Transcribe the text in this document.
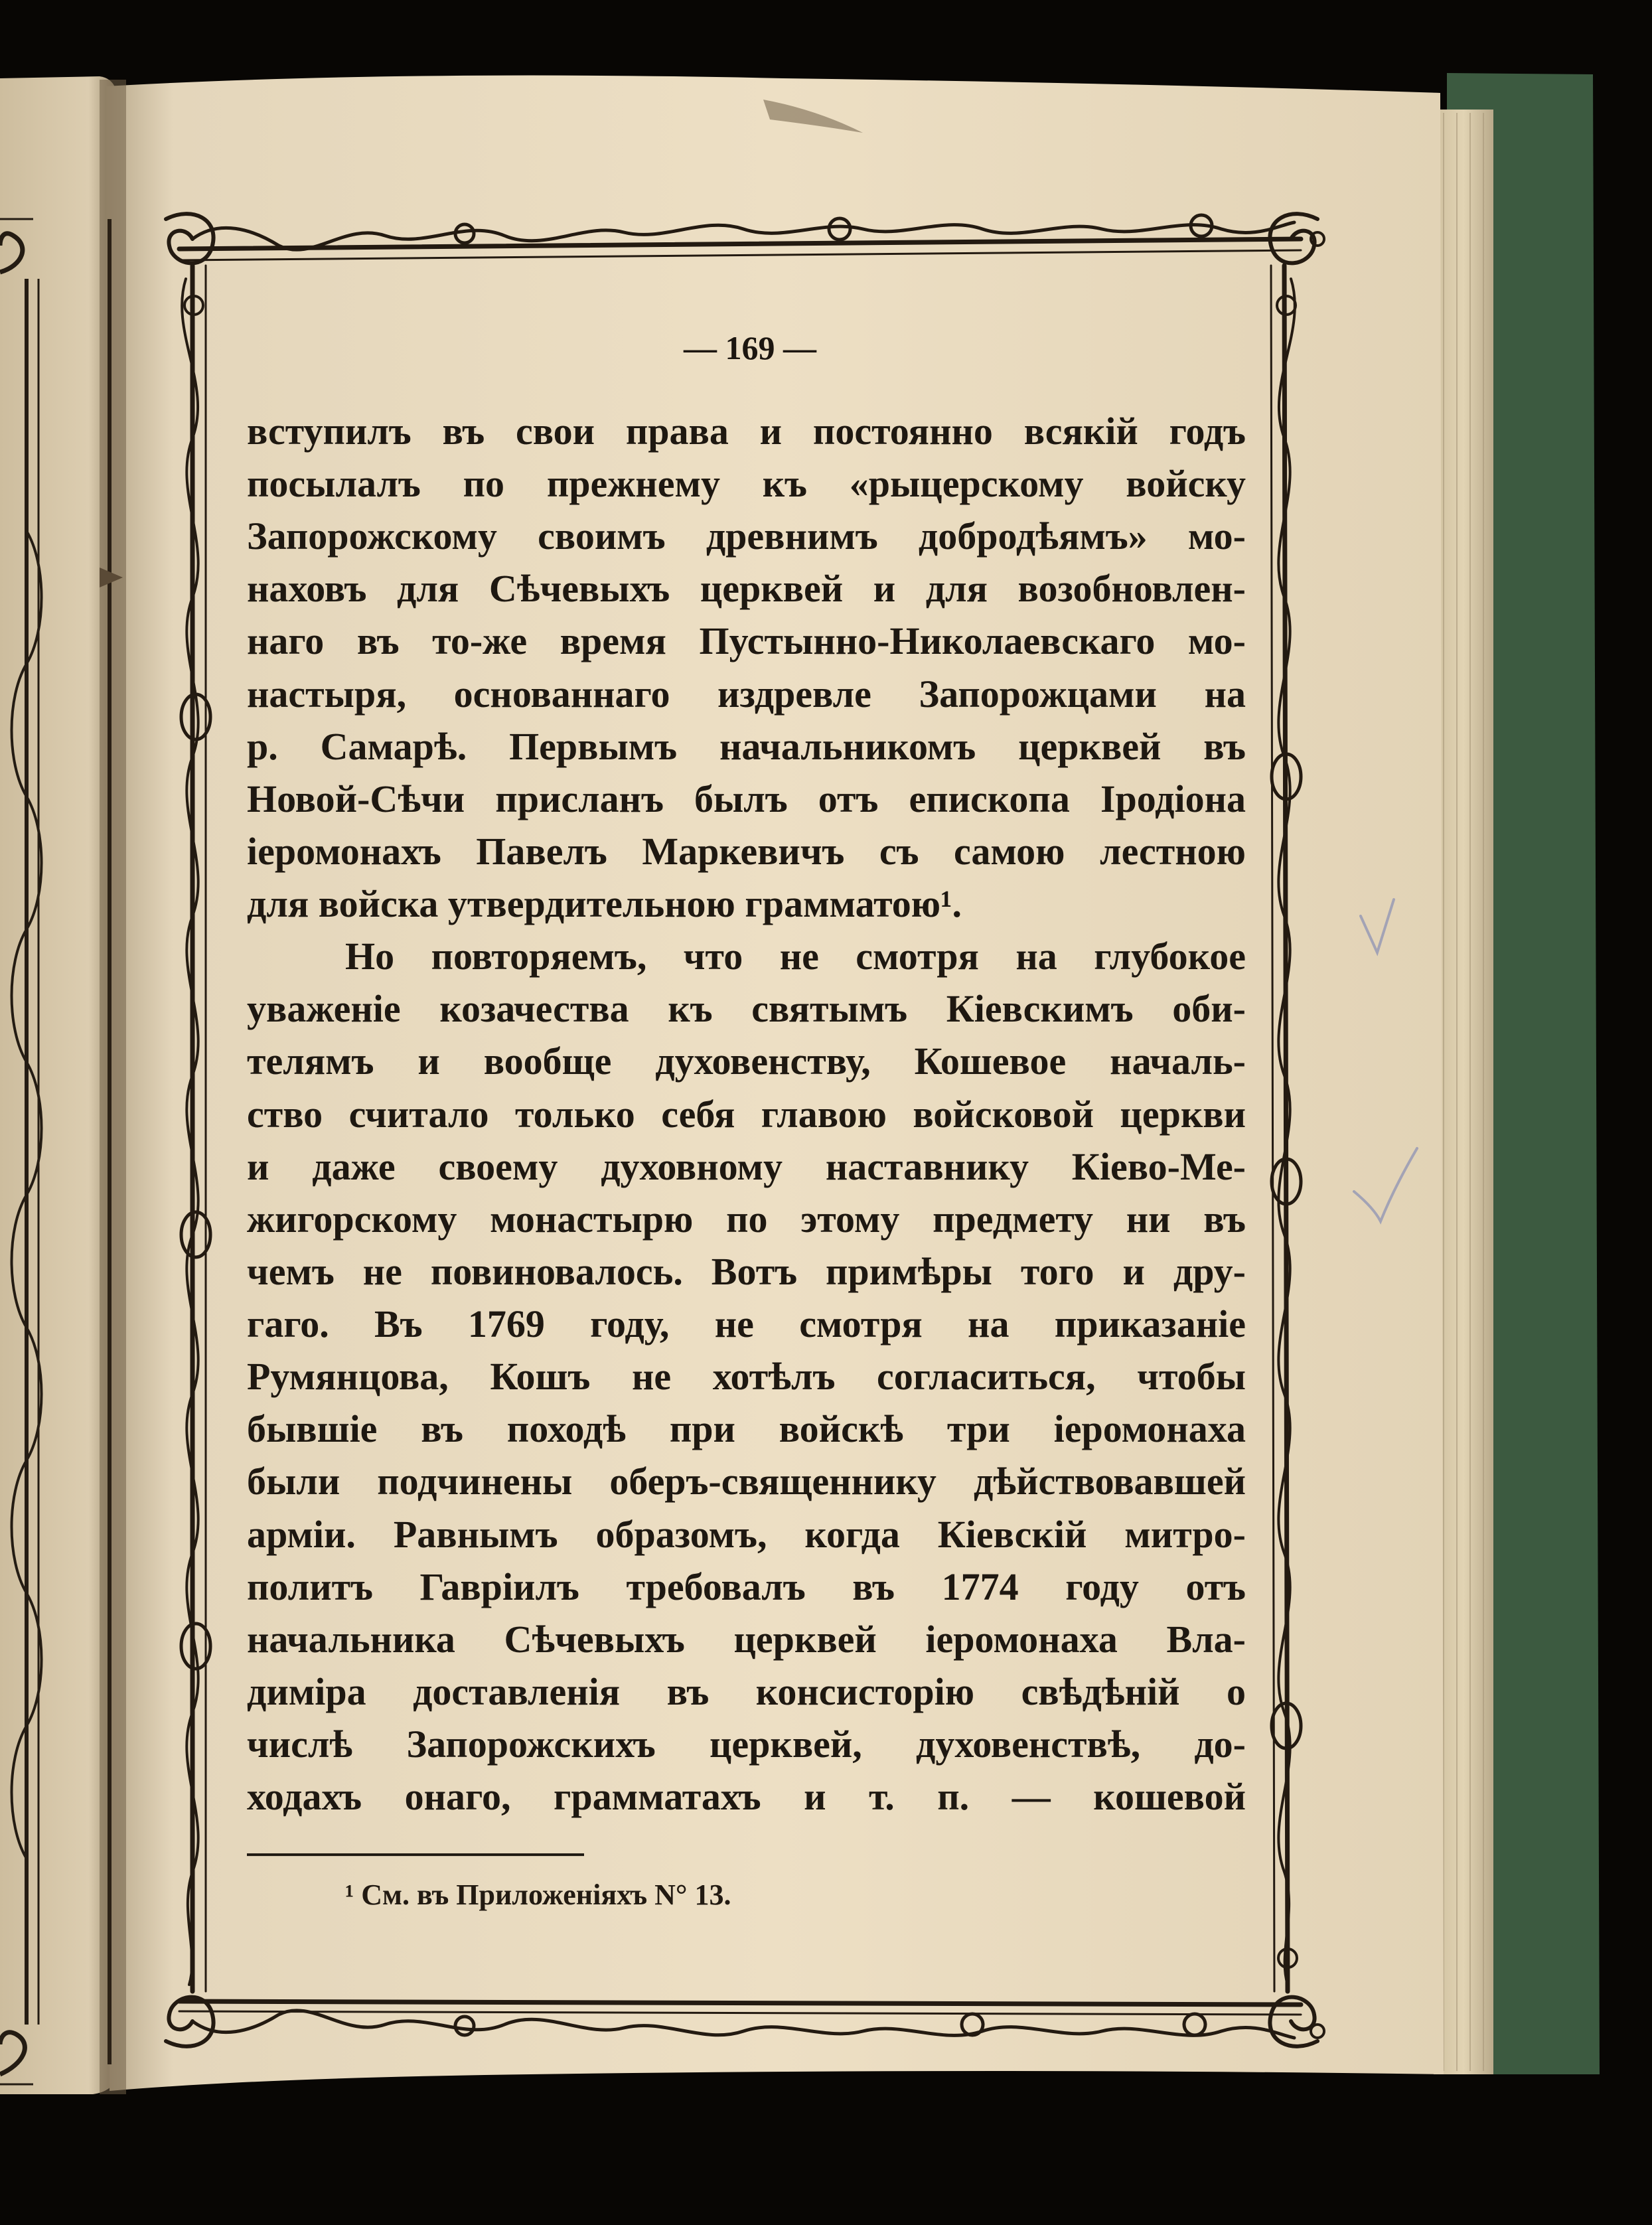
— 169 —
вступилъ въ свои права и постоянно всякій годъ
посылалъ по прежнему къ «рыцерскому войску
Запорожскому своимъ древнимъ добродѣямъ» мо-
наховъ для Сѣчевыхъ церквей и для возобновлен-
наго въ то-же время Пустынно-Николаевскаго мо-
настыря, основаннаго издревле Запорожцами на
р. Самарѣ. Первымъ начальникомъ церквей въ
Новой-Сѣчи присланъ былъ отъ епископа Іродіона
іеромонахъ Павелъ Маркевичъ съ самою лестною
для войска утвердительною грамматою¹.
Но повторяемъ, что не смотря на глубокое
уваженіе козачества къ святымъ Кіевскимъ оби-
телямъ и вообще духовенству, Кошевое началь-
ство считало только себя главою войсковой церкви
и даже своему духовному наставнику Кіево-Ме-
жигорскому монастырю по этому предмету ни въ
чемъ не повиновалось. Вотъ примѣры того и дру-
гаго. Въ 1769 году, не смотря на приказаніе
Румянцова, Кошъ не хотѣлъ согласиться, чтобы
бывшіе въ походѣ при войскѣ три іеромонаха
были подчинены оберъ-священнику дѣйствовавшей
арміи. Равнымъ образомъ, когда Кіевскій митро-
политъ Гавріилъ требовалъ въ 1774 году отъ
начальника Сѣчевыхъ церквей іеромонаха Вла-
диміра доставленія въ консисторію свѣдѣній о
числѣ Запорожскихъ церквей, духовенствѣ, до-
ходахъ онаго, грамматахъ и т. п. — кошевой
¹ См. въ Приложеніяхъ N° 13.
